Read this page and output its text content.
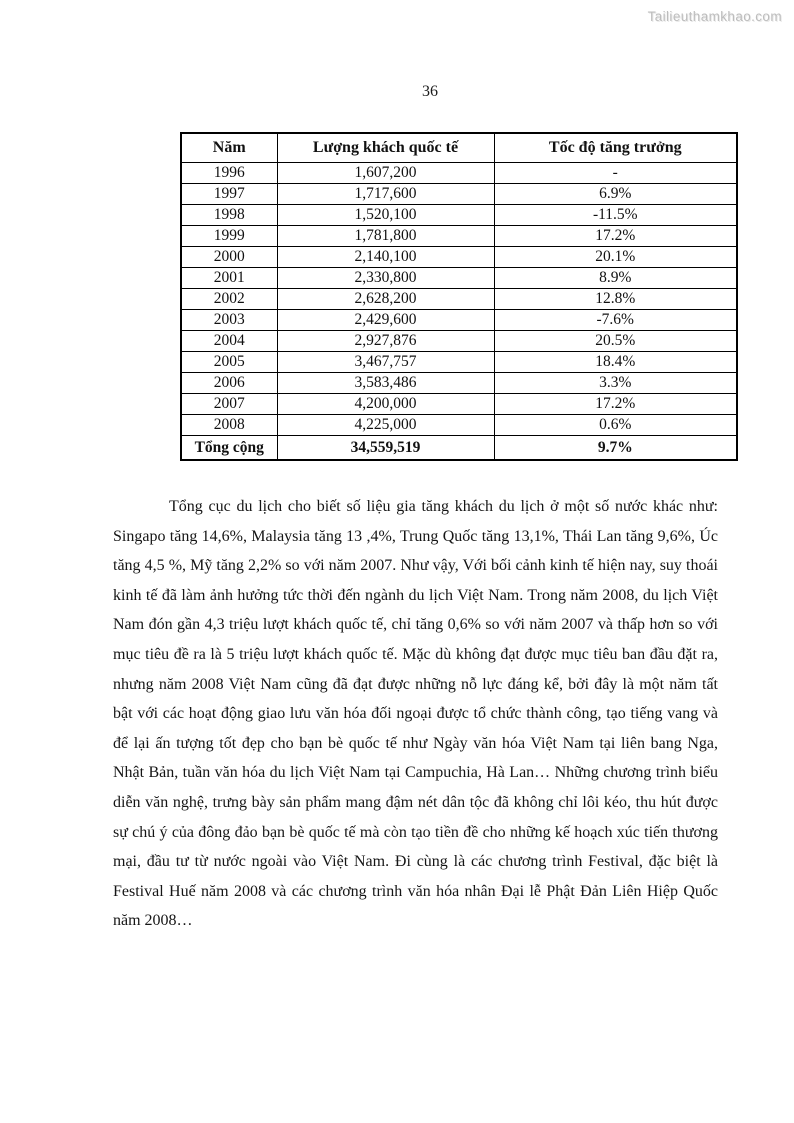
Tailieuthamkhao.com
36
Năm	Lượng khách quốc tế	Tốc độ tăng trưởng
1996	1,607,200	-
1997	1,717,600	6.9%
1998	1,520,100	-11.5%
1999	1,781,800	17.2%
2000	2,140,100	20.1%
2001	2,330,800	8.9%
2002	2,628,200	12.8%
2003	2,429,600	-7.6%
2004	2,927,876	20.5%
2005	3,467,757	18.4%
2006	3,583,486	3.3%
2007	4,200,000	17.2%
2008	4,225,000	0.6%
Tổng cộng	34,559,519	9.7%

Tổng cục du lịch cho biết số liệu gia tăng khách du lịch ở một số nước khác như: Singapo tăng 14,6%, Malaysia tăng 13 ,4%, Trung Quốc tăng 13,1%, Thái Lan tăng 9,6%, Úc tăng 4,5 %, Mỹ tăng 2,2% so với năm 2007. Như vậy, Với bối cảnh kinh tế hiện nay, suy thoái kinh tế đã làm ảnh hưởng tức thời đến ngành du lịch Việt Nam. Trong năm 2008, du lịch Việt Nam đón gần 4,3 triệu lượt khách quốc tế, chỉ tăng 0,6% so với năm 2007 và thấp hơn so với mục tiêu đề ra là 5 triệu lượt khách quốc tế. Mặc dù không đạt được mục tiêu ban đầu đặt ra, nhưng năm 2008 Việt Nam cũng đã đạt được những nỗ lực đáng kể, bởi đây là một năm tất bật với các hoạt động giao lưu văn hóa đối ngoại được tổ chức thành công, tạo tiếng vang và để lại ấn tượng tốt đẹp cho bạn bè quốc tế như Ngày văn hóa Việt Nam tại liên bang Nga, Nhật Bản, tuần văn hóa du lịch Việt Nam tại Campuchia, Hà Lan… Những chương trình biểu diễn văn nghệ, trưng bày sản phẩm mang đậm nét dân tộc đã không chỉ lôi kéo, thu hút được sự chú ý của đông đảo bạn bè quốc tế mà còn tạo tiền đề cho những kế hoạch xúc tiến thương mại, đầu tư từ nước ngoài vào Việt Nam. Đi cùng là các chương trình Festival, đặc biệt là Festival Huế năm 2008 và các chương trình văn hóa nhân Đại lễ Phật Đản Liên Hiệp Quốc năm 2008…
